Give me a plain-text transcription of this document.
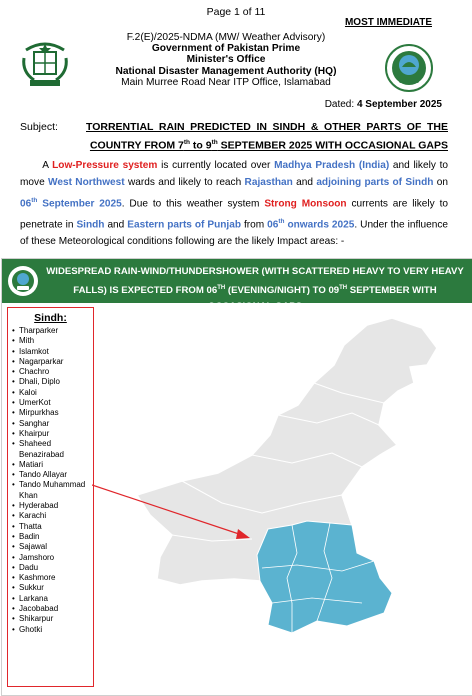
Page 1 of 11
MOST IMMEDIATE
F.2(E)/2025-NDMA (MW/ Weather Advisory)
Government of Pakistan Prime
Minister's Office
National Disaster Management Authority (HQ)
Main Murree Road Near ITP Office, Islamabad
Dated: 4 September 2025
Subject:	TORRENTIAL RAIN PREDICTED IN SINDH & OTHER PARTS OF THE COUNTRY FROM 7th to 9th SEPTEMBER 2025 WITH OCCASIONAL GAPS
A Low-Pressure system is currently located over Madhya Pradesh (India) and likely to move West Northwest wards and likely to reach Rajasthan and adjoining parts of Sindh on 06th September 2025. Due to this weather system Strong Monsoon currents are likely to penetrate in Sindh and Eastern parts of Punjab from 06th onwards 2025. Under the influence of these Meteorological conditions following are the likely Impact areas: -
WIDESPREAD RAIN-WIND/THUNDERSHOWER (WITH SCATTERED HEAVY TO VERY HEAVY FALLS) IS EXPECTED FROM 06TH (EVENING/NIGHT) TO 09TH SEPTEMBER WITH OCCASIONAL GAPS
Sindh:
• Tharparker
• Mith
• Islamkot
• Nagarparkar
• Chachro
• Dhali, Diplo
• Kaloi
• UmerKot
• Mirpurkhas
• Sanghar
• Khairpur
• Shaheed Benazirabad
• Matiari
• Tando Allayar
• Tando Muhammad Khan
• Hyderabad
• Karachi
• Thatta
• Badin
• Sajawal
• Jamshoro
• Dadu
• Kashmore
• Sukkur
• Larkana
• Jacobabad
• Shikarpur
• Ghotki
